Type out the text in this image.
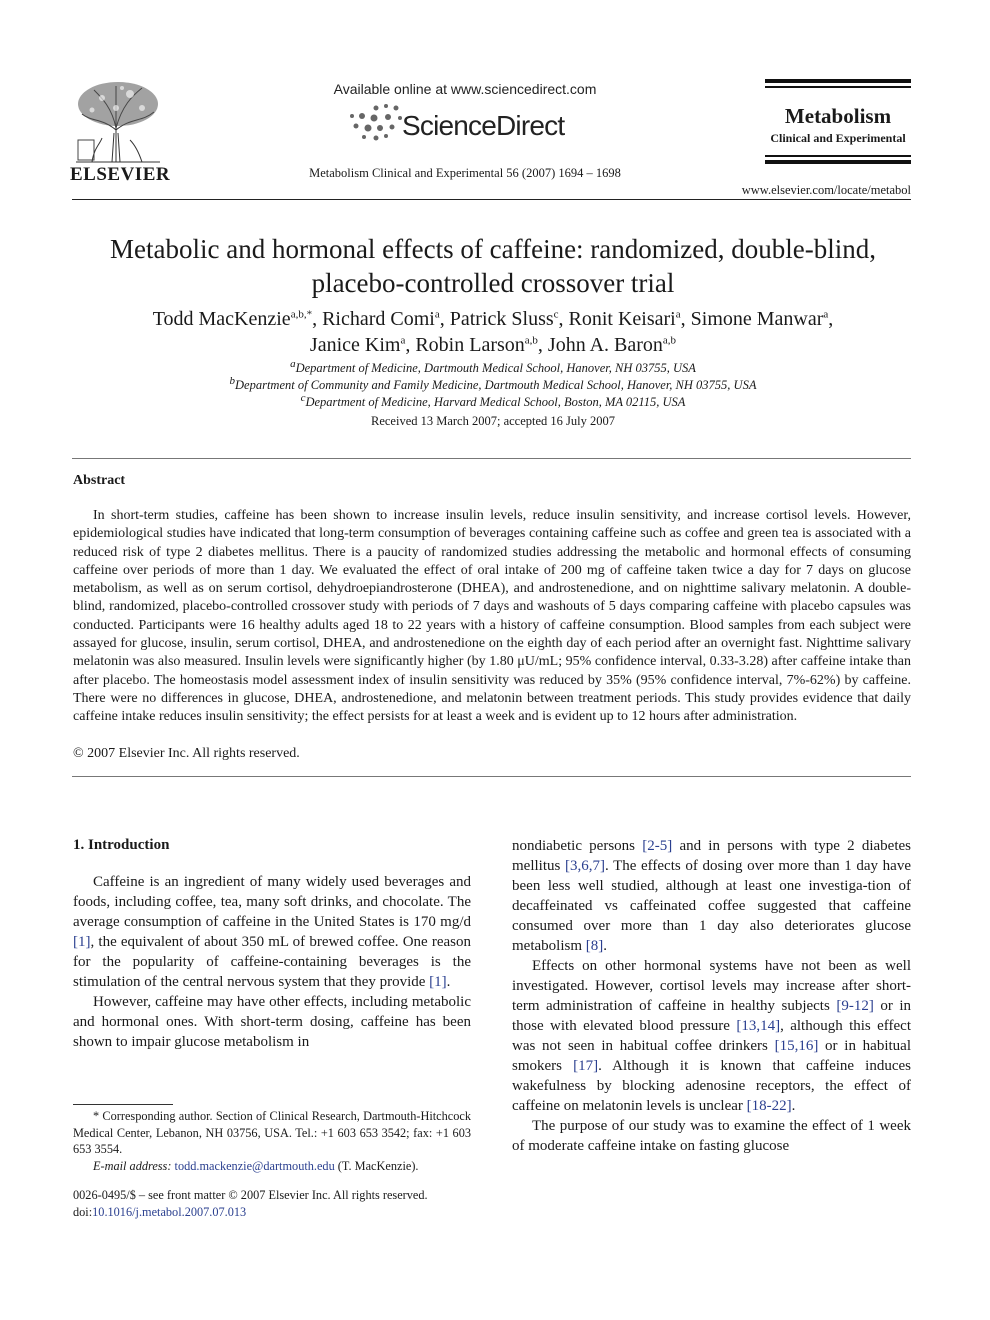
ELSEVIER
Available online at www.sciencedirect.com
ScienceDirect
Metabolism Clinical and Experimental 56 (2007) 1694 – 1698
Metabolism
Clinical and Experimental
www.elsevier.com/locate/metabol
Metabolic and hormonal effects of caffeine: randomized, double-blind,
placebo-controlled crossover trial
Todd MacKenzie$^{a,b,*}$, Richard Comi$^a$, Patrick Sluss$^c$, Ronit Keisari$^a$, Simone Manwar$^a$,
Janice Kim$^a$, Robin Larson$^{a,b}$, John A. Baron$^{a,b}$
$^a$Department of Medicine, Dartmouth Medical School, Hanover, NH 03755, USA
$^b$Department of Community and Family Medicine, Dartmouth Medical School, Hanover, NH 03755, USA
$^c$Department of Medicine, Harvard Medical School, Boston, MA 02115, USA
Received 13 March 2007; accepted 16 July 2007
Abstract
In short-term studies, caffeine has been shown to increase insulin levels, reduce insulin sensitivity, and increase cortisol levels. However, epidemiological studies have indicated that long-term consumption of beverages containing caffeine such as coffee and green tea is associated with a reduced risk of type 2 diabetes mellitus. There is a paucity of randomized studies addressing the metabolic and hormonal effects of consuming caffeine over periods of more than 1 day. We evaluated the effect of oral intake of 200 mg of caffeine taken twice a day for 7 days on glucose metabolism, as well as on serum cortisol, dehydroepiandrosterone (DHEA), and androstenedione, and on nighttime salivary melatonin. A double-blind, randomized, placebo-controlled crossover study with periods of 7 days and washouts of 5 days comparing caffeine with placebo capsules was conducted. Participants were 16 healthy adults aged 18 to 22 years with a history of caffeine consumption. Blood samples from each subject were assayed for glucose, insulin, serum cortisol, DHEA, and androstenedione on the eighth day of each period after an overnight fast. Nighttime salivary melatonin was also measured. Insulin levels were significantly higher (by 1.80 μU/mL; 95% confidence interval, 0.33-3.28) after caffeine intake than after placebo. The homeostasis model assessment index of insulin sensitivity was reduced by 35% (95% confidence interval, 7%-62%) by caffeine. There were no differences in glucose, DHEA, androstenedione, and melatonin between treatment periods. This study provides evidence that daily caffeine intake reduces insulin sensitivity; the effect persists for at least a week and is evident up to 12 hours after administration.
© 2007 Elsevier Inc. All rights reserved.
1. Introduction

Caffeine is an ingredient of many widely used beverages and foods, including coffee, tea, many soft drinks, and chocolate. The average consumption of caffeine in the United States is 170 mg/d [1], the equivalent of about 350 mL of brewed coffee. One reason for the popularity of caffeine-containing beverages is the stimulation of the central nervous system that they provide [1].

However, caffeine may have other effects, including metabolic and hormonal ones. With short-term dosing, caffeine has been shown to impair glucose metabolism in

nondiabetic persons [2-5] and in persons with type 2 diabetes mellitus [3,6,7]. The effects of dosing over more than 1 day have been less well studied, although at least one investiga-tion of decaffeinated vs caffeinated coffee suggested that caffeine consumed over more than 1 day also deteriorates glucose metabolism [8].

Effects on other hormonal systems have not been as well investigated. However, cortisol levels may increase after short-term administration of caffeine in healthy subjects [9-12] or in those with elevated blood pressure [13,14], although this effect was not seen in habitual coffee drinkers [15,16] or in habitual smokers [17]. Although it is known that caffeine induces wakefulness by blocking adenosine receptors, the effect of caffeine on melatonin levels is unclear [18-22].

The purpose of our study was to examine the effect of 1 week of moderate caffeine intake on fasting glucose

* Corresponding author. Section of Clinical Research, Dartmouth-Hitchcock Medical Center, Lebanon, NH 03756, USA. Tel.: +1 603 653 3542; fax: +1 603 653 3554.

E-mail address: todd.mackenzie@dartmouth.edu (T. MacKenzie).

0026-0495/$ – see front matter © 2007 Elsevier Inc. All rights reserved.
doi:10.1016/j.metabol.2007.07.013
